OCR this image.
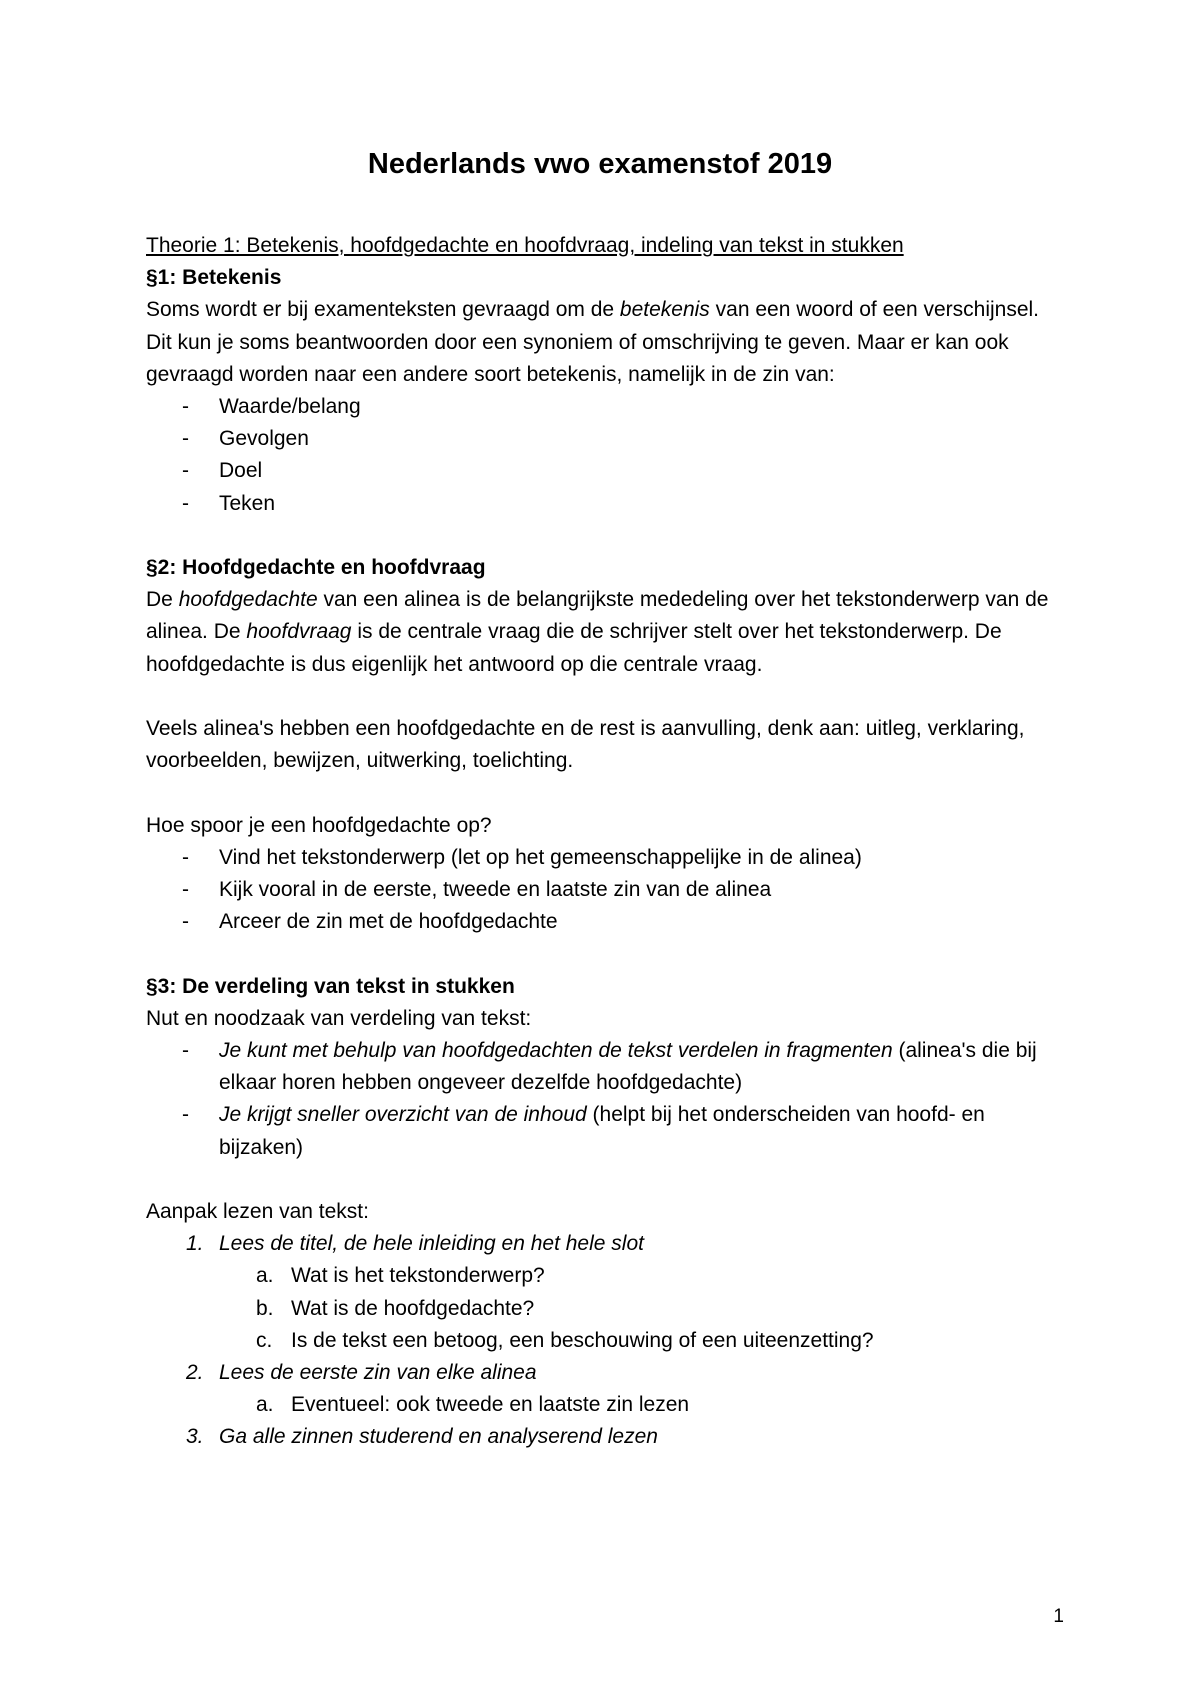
Nederlands vwo examenstof 2019

Theorie 1: Betekenis, hoofdgedachte en hoofdvraag, indeling van tekst in stukken

§1: Betekenis

Soms wordt er bij examenteksten gevraagd om de betekenis van een woord of een verschijnsel. Dit kun je soms beantwoorden door een synoniem of omschrijving te geven. Maar er kan ook gevraagd worden naar een andere soort betekenis, namelijk in de zin van:

-	Waarde/belang
-	Gevolgen
-	Doel
-	Teken

§2: Hoofdgedachte en hoofdvraag

De hoofdgedachte van een alinea is de belangrijkste mededeling over het tekstonderwerp van de alinea. De hoofdvraag is de centrale vraag die de schrijver stelt over het tekstonderwerp. De hoofdgedachte is dus eigenlijk het antwoord op die centrale vraag.

Veels alinea's hebben een hoofdgedachte en de rest is aanvulling, denk aan: uitleg, verklaring, voorbeelden, bewijzen, uitwerking, toelichting.

Hoe spoor je een hoofdgedachte op?

-	Vind het tekstonderwerp (let op het gemeenschappelijke in de alinea)
-	Kijk vooral in de eerste, tweede en laatste zin van de alinea
-	Arceer de zin met de hoofdgedachte

§3: De verdeling van tekst in stukken

Nut en noodzaak van verdeling van tekst:

-	Je kunt met behulp van hoofdgedachten de tekst verdelen in fragmenten (alinea's die bij elkaar horen hebben ongeveer dezelfde hoofdgedachte)
-	Je krijgt sneller overzicht van de inhoud (helpt bij het onderscheiden van hoofd- en bijzaken)

Aanpak lezen van tekst:

1. Lees de titel, de hele inleiding en het hele slot
a. Wat is het tekstonderwerp?
b. Wat is de hoofdgedachte?
c. Is de tekst een betoog, een beschouwing of een uiteenzetting?
2. Lees de eerste zin van elke alinea
a. Eventueel: ook tweede en laatste zin lezen
3. Ga alle zinnen studerend en analyserend lezen
1
